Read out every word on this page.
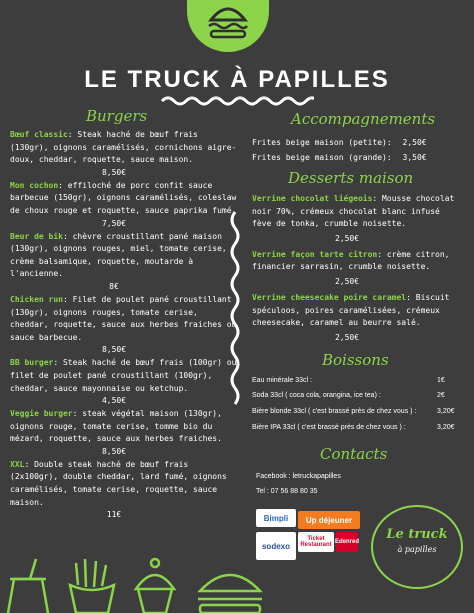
LE TRUCK À PAPILLES
Burgers	Accompagnements
Desserts maison
Boissons
Contacts
Bœuf classic: Steak haché de bœuf frais (130gr), oignons caramélisés, cornichons aigre-doux, cheddar, roquette, sauce maison.
8,50€
Mon cochon: effiloché de porc confit sauce barbecue (150gr), oignons caramélisés, coleslaw de choux rouge et roquette, sauce paprika fumé.
7,50€
Beur de bik: chèvre croustillant pané maison (130gr), oignons rouges, miel, tomate cerise, crème balsamique, roquette, moutarde à l'ancienne.
8€
Chicken run: Filet de poulet pané croustillant (130gr), oignons rouges, tomate cerise, cheddar, roquette, sauce aux herbes fraiches ou sauce barbecue.
8,50€
BB burger: Steak haché de bœuf frais (100gr) ou filet de poulet pané croustillant (100gr), cheddar, sauce mayonnaise ou ketchup.
4,50€
Veggie burger: steak végétal maison (130gr), oignons rouge, tomate cerise, tomme bio du mézard, roquette, sauce aux herbes fraiches.
8,50€
XXL: Double steak haché de bœuf frais (2x100gr), double cheddar, lard fumé, oignons caramélisés, tomate cerise, roquette, sauce maison.
11€
Frites beige maison (petite): 2,50€
Frites beige maison (grande): 3,50€
Verrine chocolat liégeois: Mousse chocolat noir 70%, crémeux chocolat blanc infusé fève de tonka, crumble noisette.
2,50€
Verrine façon tarte citron: crème citron, financier sarrasin, crumble noisette.
2,50€
Verrine cheesecake poire caramel: Biscuit spéculoos, poires caramélisées, crémeux cheesecake, caramel au beurre salé.
2,50€
Eau minérale 33cl :	1€
Soda 33cl ( coca cola, orangina, ice tea) :	2€
Bière blonde 33cl ( c'est brassé près de chez vous ) :	3,20€
Bière IPA 33cl ( c'est brassé près de chez vous ) :	3,20€
Facebook : letruckapapilles
Tel : 07 56 88 80 35
Bimpli	Up déjeuner
sodexo
Ticket Restaurant Edenred	Le truck
à papilles
